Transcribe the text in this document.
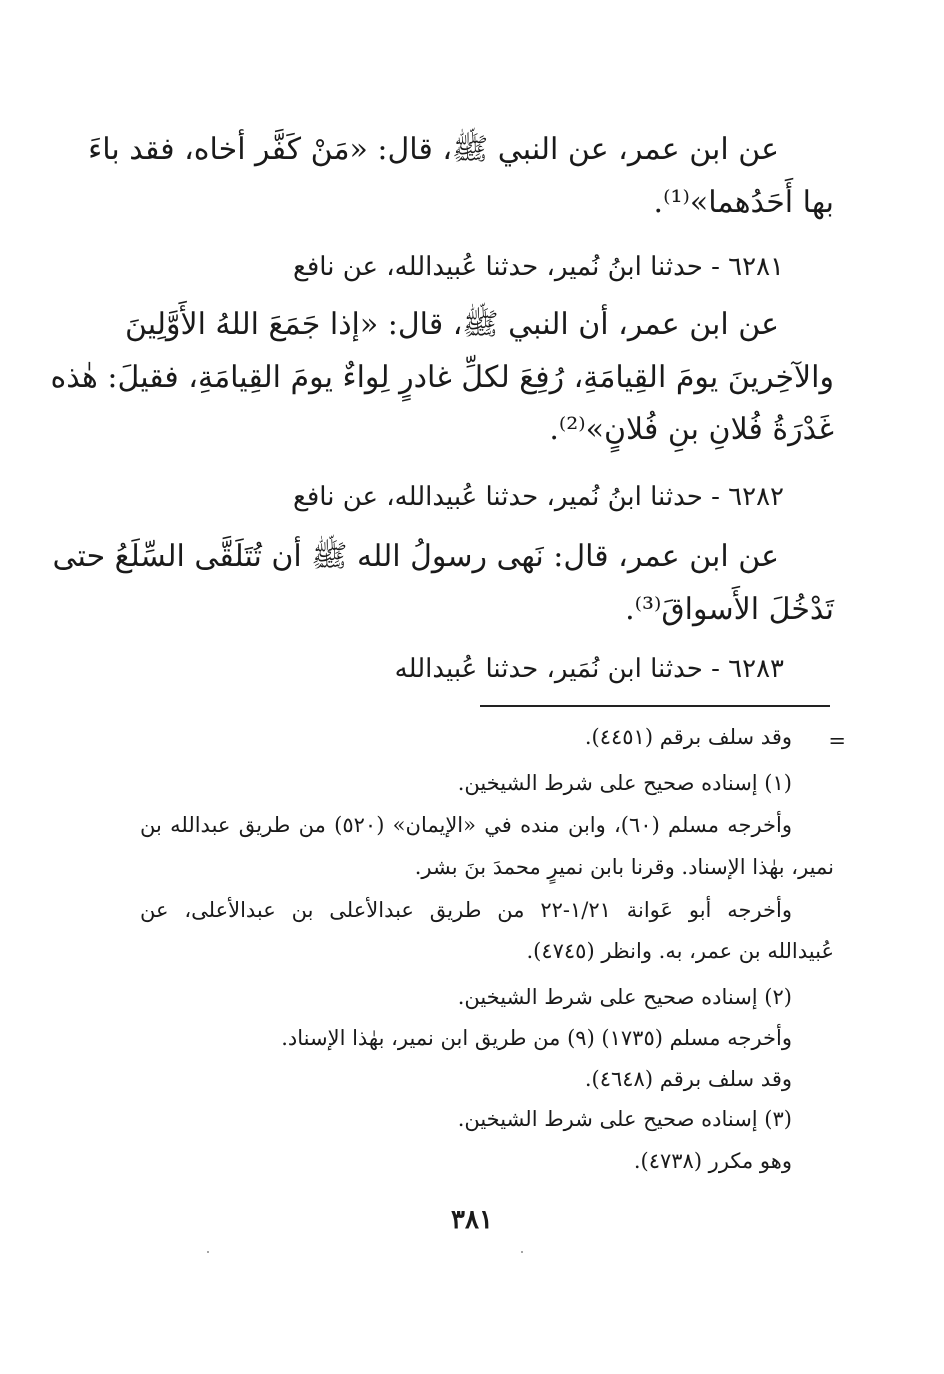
عن ابن عمر، عن النبي ﷺ، قال: «مَنْ كَفَّر أخاه، فقد باءَ
بها أَحَدُهما»⁽¹⁾.
٦٢٨١ - حدثنا ابنُ نُمير، حدثنا عُبيدالله، عن نافع
عن ابن عمر، أن النبي ﷺ، قال: «إذا جَمَعَ اللهُ الأَوَّلِينَ
والآخِرينَ يومَ القِيامَةِ، رُفِعَ لكلِّ غادرٍ لِواءٌ يومَ القِيامَةِ، فقيلَ: هٰذه
غَدْرَةُ فُلانِ بنِ فُلانٍ»⁽²⁾.
٦٢٨٢ - حدثنا ابنُ نُمير، حدثنا عُبيدالله، عن نافع
عن ابن عمر، قال: نَهى رسولُ الله ﷺ أن تُتَلَقَّى السِّلَعُ حتى
تَدْخُلَ الأَسواقَ⁽³⁾.
٦٢٨٣ - حدثنا ابن نُمَير، حدثنا عُبيدالله
=
وقد سلف برقم (٤٤٥١).
(١) إسناده صحيح على شرط الشيخين.
وأخرجه مسلم (٦٠)، وابن منده في «الإيمان» (٥٢٠) من طريق عبدالله بن
نمير، بهٰذا الإسناد. وقرنا بابن نميرٍ محمدَ بنَ بشر.
وأخرجه أبو عَوانة ١/٢١-٢٢ من طريق عبدالأعلى بن عبدالأعلى، عن
عُبيدالله بن عمر، به. وانظر (٤٧٤٥).
(٢) إسناده صحيح على شرط الشيخين.
وأخرجه مسلم (١٧٣٥) (٩) من طريق ابن نمير، بهٰذا الإسناد.
وقد سلف برقم (٤٦٤٨).
(٣) إسناده صحيح على شرط الشيخين.
وهو مكرر (٤٧٣٨).
٣٨١
